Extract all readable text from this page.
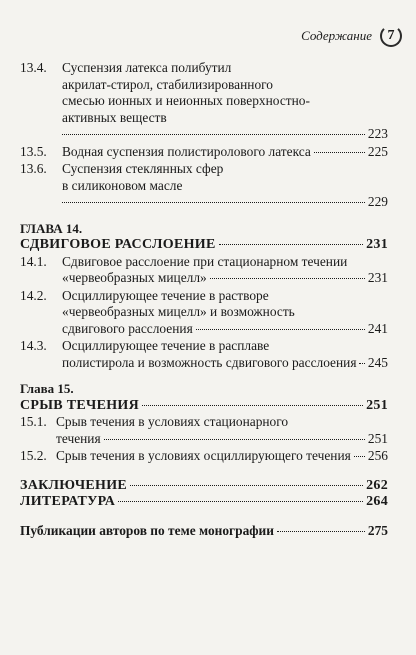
Содержание	7
13.4. Суспензия латекса полибутил
акрилат-стирол, стабилизированного
смесью ионных и неионных поверхностно-
активных веществ
223
13.5. Водная суспензия полистиролового латекса	225
13.6. Суспензия стеклянных сфер
в силиконовом масле
229
ГЛАВА 14.
СДВИГОВОЕ РАССЛОЕНИЕ	231
14.1. Сдвиговое расслоение при стационарном течении
«червеобразных мицелл»	231
14.2. Осциллирующее течение в растворе
«червеобразных мицелл» и возможность
сдвигового расслоения	241
14.3. Осциллирующее течение в расплаве
полистирола и возможность сдвигового расслоения 245
Глава 15.
СРЫВ ТЕЧЕНИЯ	251
15.1. Срыв течения в условиях стационарного
течения	251
15.2. Срыв течения в условиях осциллирующего течения 256
ЗАКЛЮЧЕНИЕ	262
ЛИТЕРАТУРА	264
Публикации авторов по теме монографии	275
